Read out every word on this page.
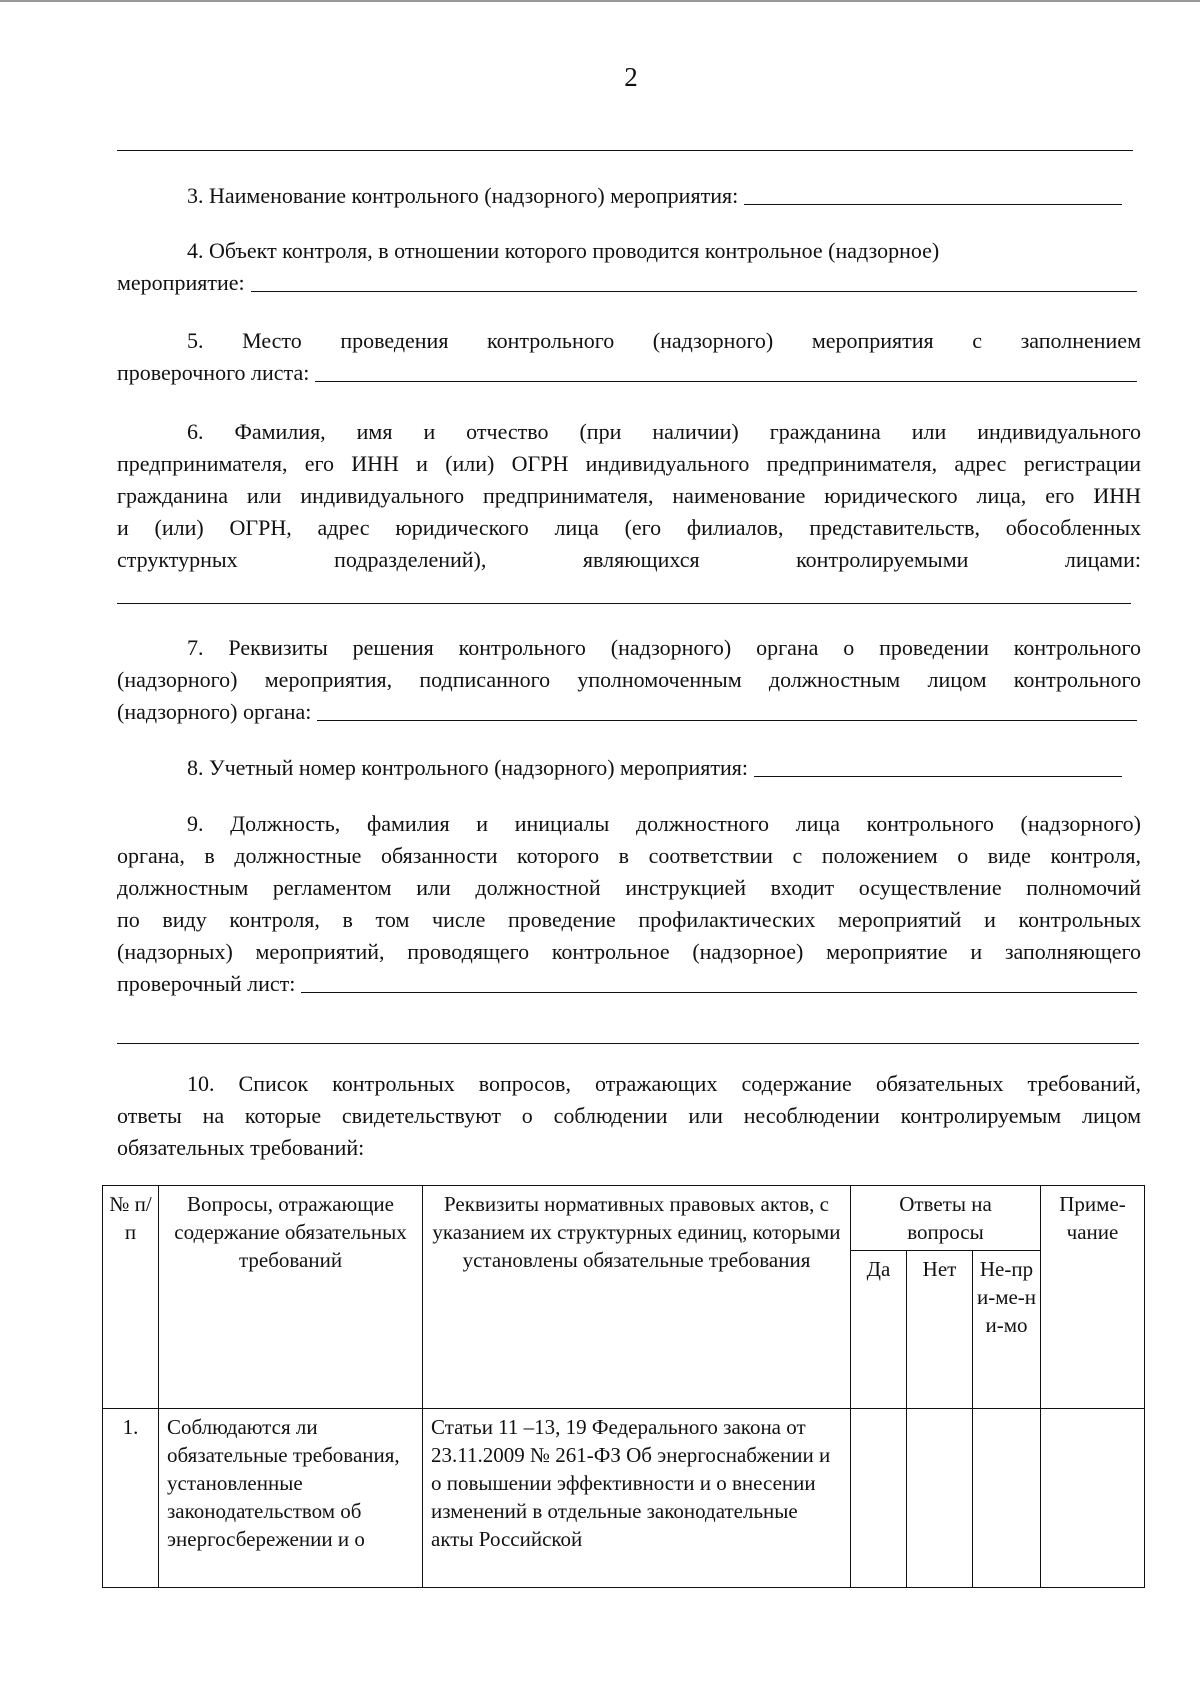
2
3. Наименование контрольного (надзорного) мероприятия:
4. Объект контроля, в отношении которого проводится контрольное (надзорное)
мероприятие:
5. Место проведения контрольного (надзорного) мероприятия с заполнением
проверочного листа:
6. Фамилия, имя и отчество (при наличии) гражданина или индивидуального
предпринимателя, его ИНН и (или) ОГРН индивидуального предпринимателя, адрес регистрации
гражданина или индивидуального предпринимателя, наименование юридического лица, его ИНН
и (или) ОГРН, адрес юридического лица (его филиалов, представительств, обособленных
структурных подразделений), являющихся контролируемыми лицами:
7. Реквизиты решения контрольного (надзорного) органа о проведении контрольного
(надзорного) мероприятия, подписанного уполномоченным должностным лицом контрольного
(надзорного) органа:
8. Учетный номер контрольного (надзорного) мероприятия:
9. Должность, фамилия и инициалы должностного лица контрольного (надзорного)
органа, в должностные обязанности которого в соответствии с положением о виде контроля,
должностным регламентом или должностной инструкцией входит осуществление полномочий
по виду контроля, в том числе проведение профилактических мероприятий и контрольных
(надзорных) мероприятий, проводящего контрольное (надзорное) мероприятие и заполняющего
проверочный лист:
10. Список контрольных вопросов, отражающих содержание обязательных требований,
ответы на которые свидетельствуют о соблюдении или несоблюдении контролируемым лицом
обязательных требований:
№ п/п	Вопросы, отражающие содержание обязательных требований	Реквизиты нормативных правовых актов, с указанием их структурных единиц, которыми установлены обязательные требования	Ответы на вопросы			Приме-чание
			Да	Нет	Не-при-ме-ни-мо	
1.	Соблюдаются ли обязательные требования, установленные законодательством об энергосбережении и о	Статьи 11 –13, 19 Федерального закона от 23.11.2009 № 261-ФЗ Об энергоснабжении и о повышении эффективности и о внесении изменений в отдельные законодательные акты Российской				
